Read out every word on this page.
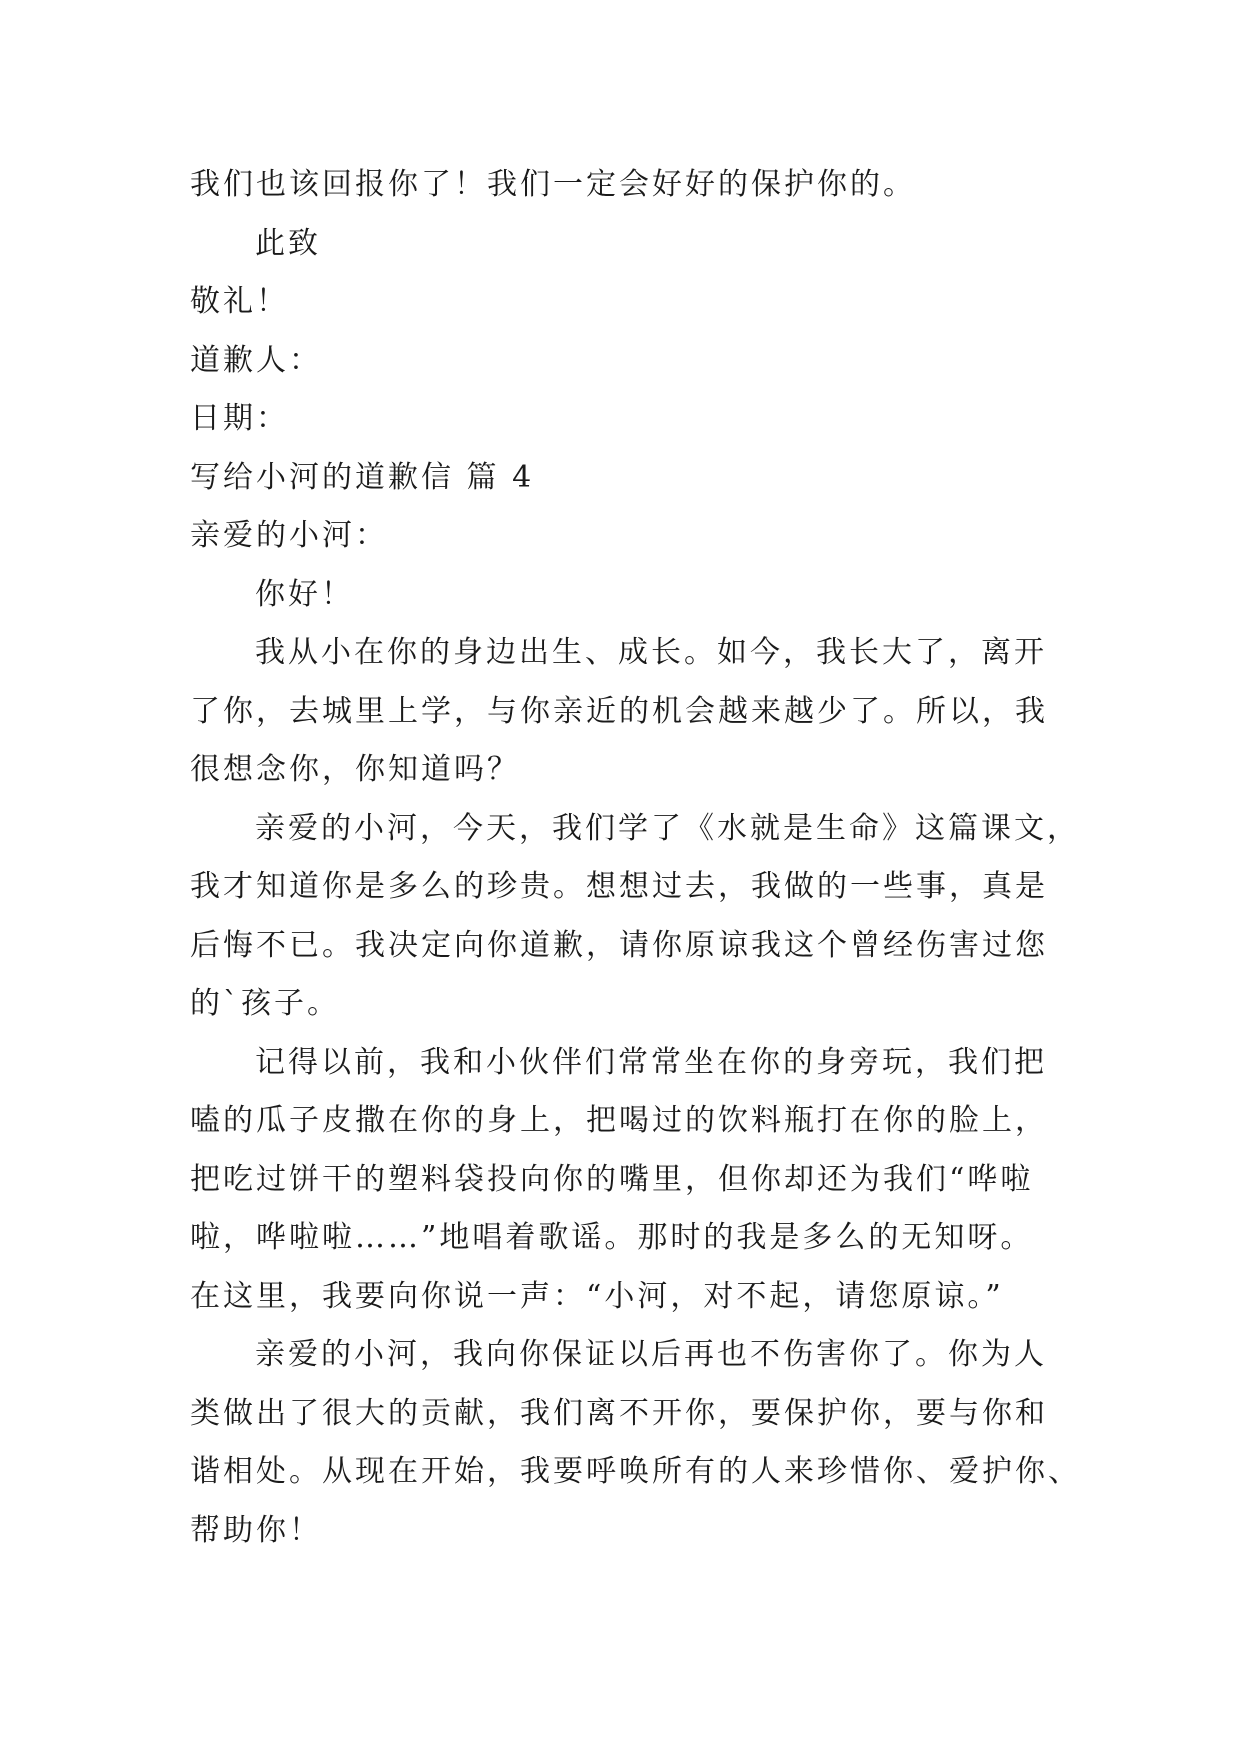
我们也该回报你了！我们一定会好好的保护你的。
此致
敬礼！
道歉人：
日期：
写给小河的道歉信 篇 4
亲爱的小河：
你好！
我从小在你的身边出生、成长。如今，我长大了，离开
了你，去城里上学，与你亲近的机会越来越少了。所以，我
很想念你，你知道吗？
亲爱的小河，今天，我们学了《水就是生命》这篇课文，
我才知道你是多么的珍贵。想想过去，我做的一些事，真是
后悔不已。我决定向你道歉，请你原谅我这个曾经伤害过您
的`孩子。
记得以前，我和小伙伴们常常坐在你的身旁玩，我们把
嗑的瓜子皮撒在你的身上，把喝过的饮料瓶打在你的脸上，
把吃过饼干的塑料袋投向你的嘴里，但你却还为我们“哗啦
啦，哗啦啦……”地唱着歌谣。那时的我是多么的无知呀。
在这里，我要向你说一声：“小河，对不起，请您原谅。”
亲爱的小河，我向你保证以后再也不伤害你了。你为人
类做出了很大的贡献，我们离不开你，要保护你，要与你和
谐相处。从现在开始，我要呼唤所有的人来珍惜你、爱护你、
帮助你！
